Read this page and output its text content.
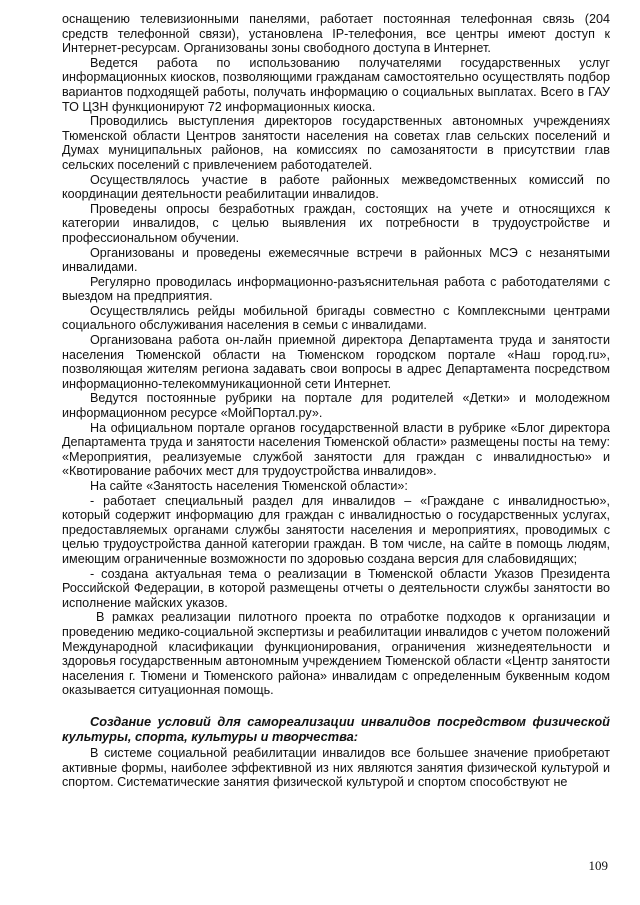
оснащению телевизионными панелями, работает постоянная телефонная связь (204 средств телефонной связи), установлена IP-телефония, все центры имеют доступ к Интернет-ресурсам. Организованы зоны свободного доступа в Интернет.

Ведется работа по использованию получателями государственных услуг информационных киосков, позволяющими гражданам самостоятельно осуществлять подбор вариантов подходящей работы, получать информацию о социальных выплатах. Всего в ГАУ ТО ЦЗН функционируют 72 информационных киоска.

Проводились выступления директоров государственных автономных учреждениях Тюменской области Центров занятости населения на советах глав сельских поселений и Думах муниципальных районов, на комиссиях по самозанятости в присутствии глав сельских поселений с привлечением работодателей.

Осуществлялось участие в работе районных межведомственных комиссий по координации деятельности реабилитации инвалидов.

Проведены опросы безработных граждан, состоящих на учете и относящихся к категории инвалидов, с целью выявления их потребности в трудоустройстве и профессиональном обучении.

Организованы и проведены ежемесячные встречи в районных МСЭ с незанятыми инвалидами.

Регулярно проводилась информационно-разъяснительная работа с работодателями с выездом на предприятия.

Осуществлялись рейды мобильной бригады совместно с Комплексными центрами социального обслуживания населения в семьи с инвалидами.

Организована работа он-лайн приемной директора Департамента труда и занятости населения Тюменской области на Тюменском городском портале «Наш город.ru», позволяющая жителям региона задавать свои вопросы в адрес Департамента посредством информационно-телекоммуникационной сети Интернет.

Ведутся постоянные рубрики на портале для родителей «Детки» и молодежном информационном ресурсе «МойПортал.ру».

На официальном портале органов государственной власти в рубрике «Блог директора Департамента труда и занятости населения Тюменской области» размещены посты на тему: «Мероприятия, реализуемые службой занятости для граждан с инвалидностью» и «Квотирование рабочих мест для трудоустройства инвалидов».

На сайте «Занятость населения Тюменской области»:

- работает специальный раздел для инвалидов – «Граждане с инвалидностью», который содержит информацию для граждан с инвалидностью о государственных услугах, предоставляемых органами службы занятости населения и мероприятиях, проводимых с целью трудоустройства данной категории граждан. В том числе, на сайте в помощь людям, имеющим ограниченные возможности по здоровью создана версия для слабовидящих;

- создана актуальная тема о реализации в Тюменской области Указов Президента Российской Федерации, в которой размещены отчеты о деятельности службы занятости во исполнение майских указов.

В рамках реализации пилотного проекта по отработке подходов к организации и проведению медико-социальной экспертизы и реабилитации инвалидов с учетом положений Международной класификации функционирования, ограничения жизнедеятельности и здоровья государственным автономным учреждением Тюменской области «Центр занятости населения г. Тюмени и Тюменского района» инвалидам с определенным буквенным кодом оказывается ситуационная помощь.

Создание условий для самореализации инвалидов посредством физической культуры, спорта, культуры и творчества:

В системе социальной реабилитации инвалидов все большее значение приобретают активные формы, наиболее эффективной из них являются занятия физической культурой и спортом. Систематические занятия физической культурой и спортом способствуют не

109
